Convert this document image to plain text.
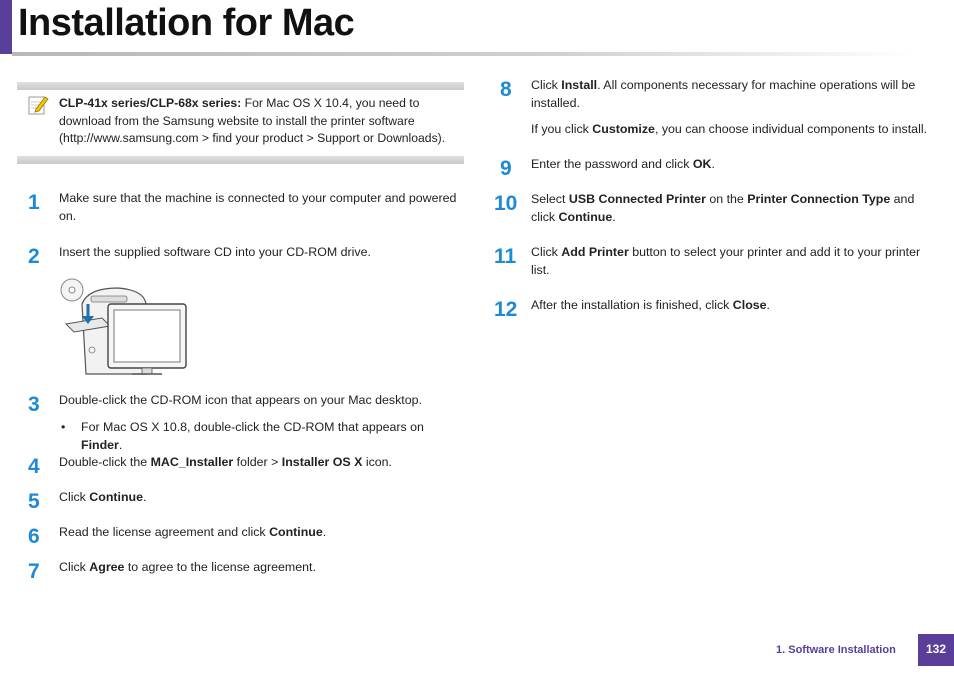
Installation for Mac
CLP-41x series/CLP-68x series: For Mac OS X 10.4, you need to download from the Samsung website to install the printer software (http://www.samsung.com > find your product > Support or Downloads).
1 Make sure that the machine is connected to your computer and powered on.
2 Insert the supplied software CD into your CD-ROM drive.
3 Double-click the CD-ROM icon that appears on your Mac desktop.
• For Mac OS X 10.8, double-click the CD-ROM that appears on Finder.
4 Double-click the MAC_Installer folder > Installer OS X icon.
5 Click Continue.
6 Read the license agreement and click Continue.
7 Click Agree to agree to the license agreement.
8 Click Install. All components necessary for machine operations will be installed.
If you click Customize, you can choose individual components to install.
9 Enter the password and click OK.
10 Select USB Connected Printer on the Printer Connection Type and click Continue.
11 Click Add Printer button to select your printer and add it to your printer list.
12 After the installation is finished, click Close.
1. Software Installation	132
